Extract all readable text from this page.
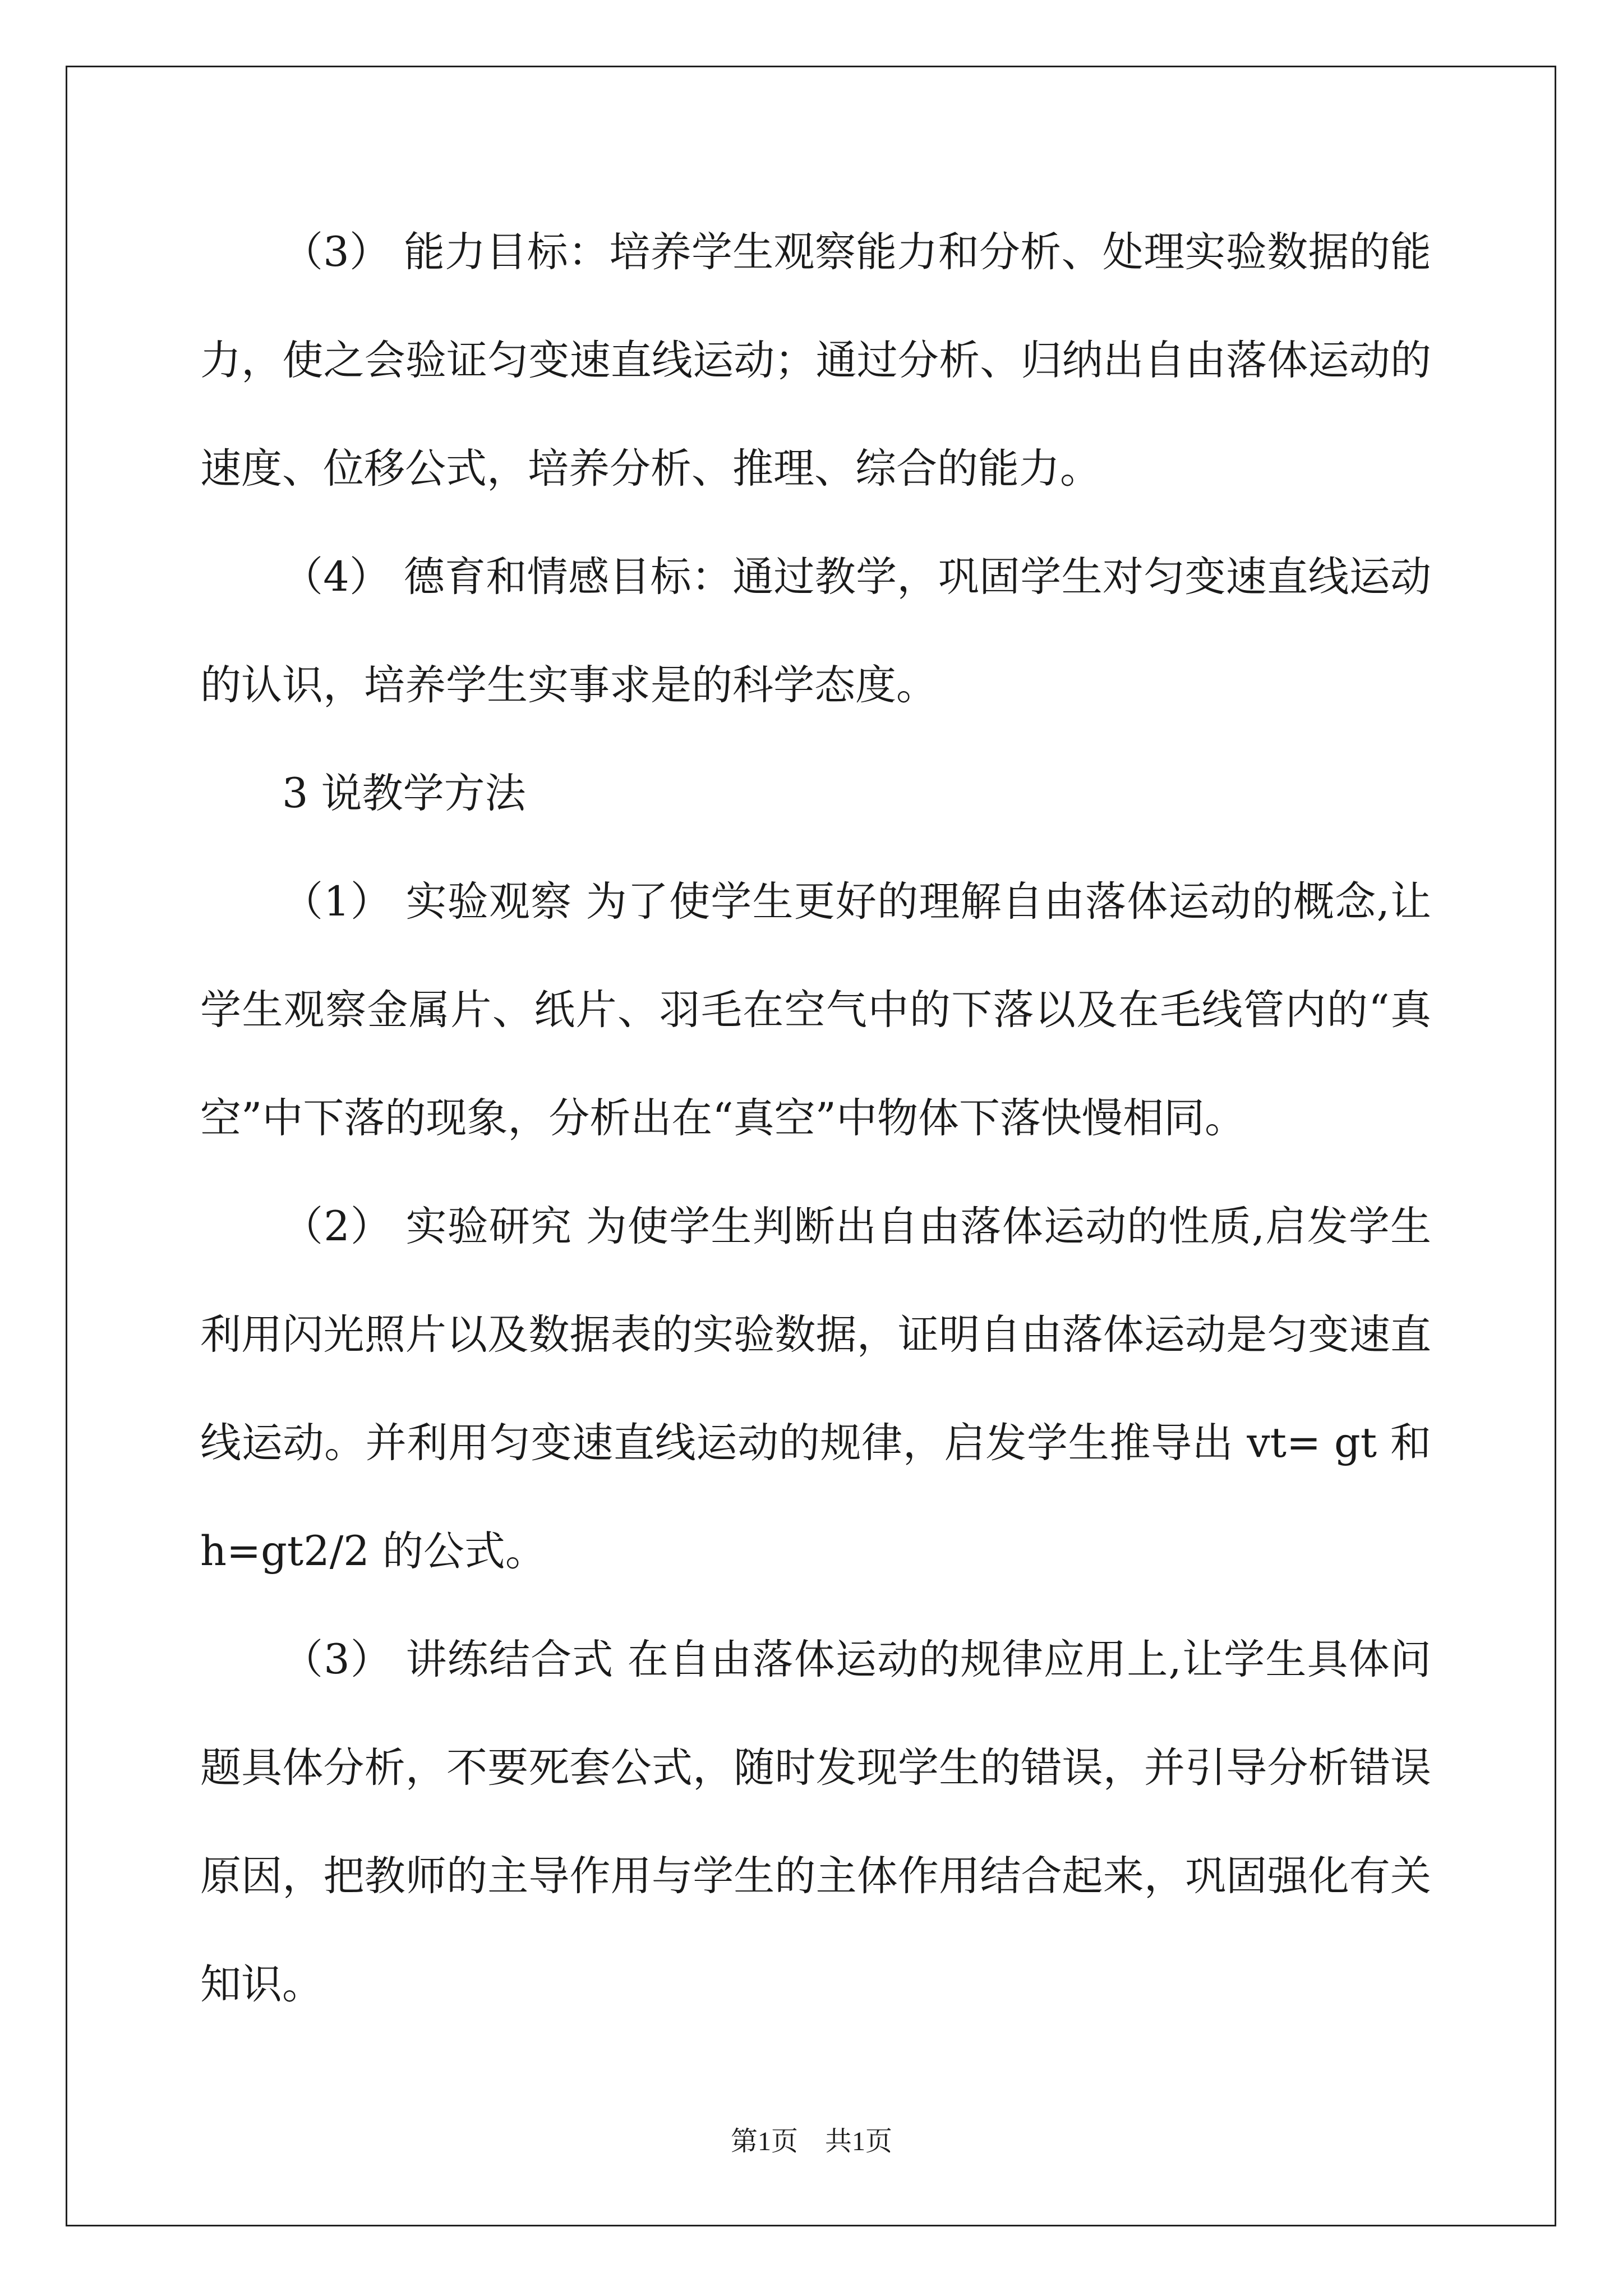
（3） 能力目标：培养学生观察能力和分析、处理实验数据的能力，使之会验证匀变速直线运动；通过分析、归纳出自由落体运动的速度、位移公式，培养分析、推理、综合的能力。

（4） 德育和情感目标：通过教学，巩固学生对匀变速直线运动的认识，培养学生实事求是的科学态度。

3 说教学方法

（1） 实验观察 为了使学生更好的理解自由落体运动的概念,让学生观察金属片、纸片、羽毛在空气中的下落以及在毛线管内的“真空”中下落的现象，分析出在“真空”中物体下落快慢相同。

（2） 实验研究 为使学生判断出自由落体运动的性质,启发学生利用闪光照片以及数据表的实验数据，证明自由落体运动是匀变速直线运动。并利用匀变速直线运动的规律，启发学生推导出 vt= gt 和h=gt2/2 的公式。

（3） 讲练结合式 在自由落体运动的规律应用上,让学生具体问题具体分析，不要死套公式，随时发现学生的错误，并引导分析错误原因，把教师的主导作用与学生的主体作用结合起来，巩固强化有关知识。

第1页 共1页
